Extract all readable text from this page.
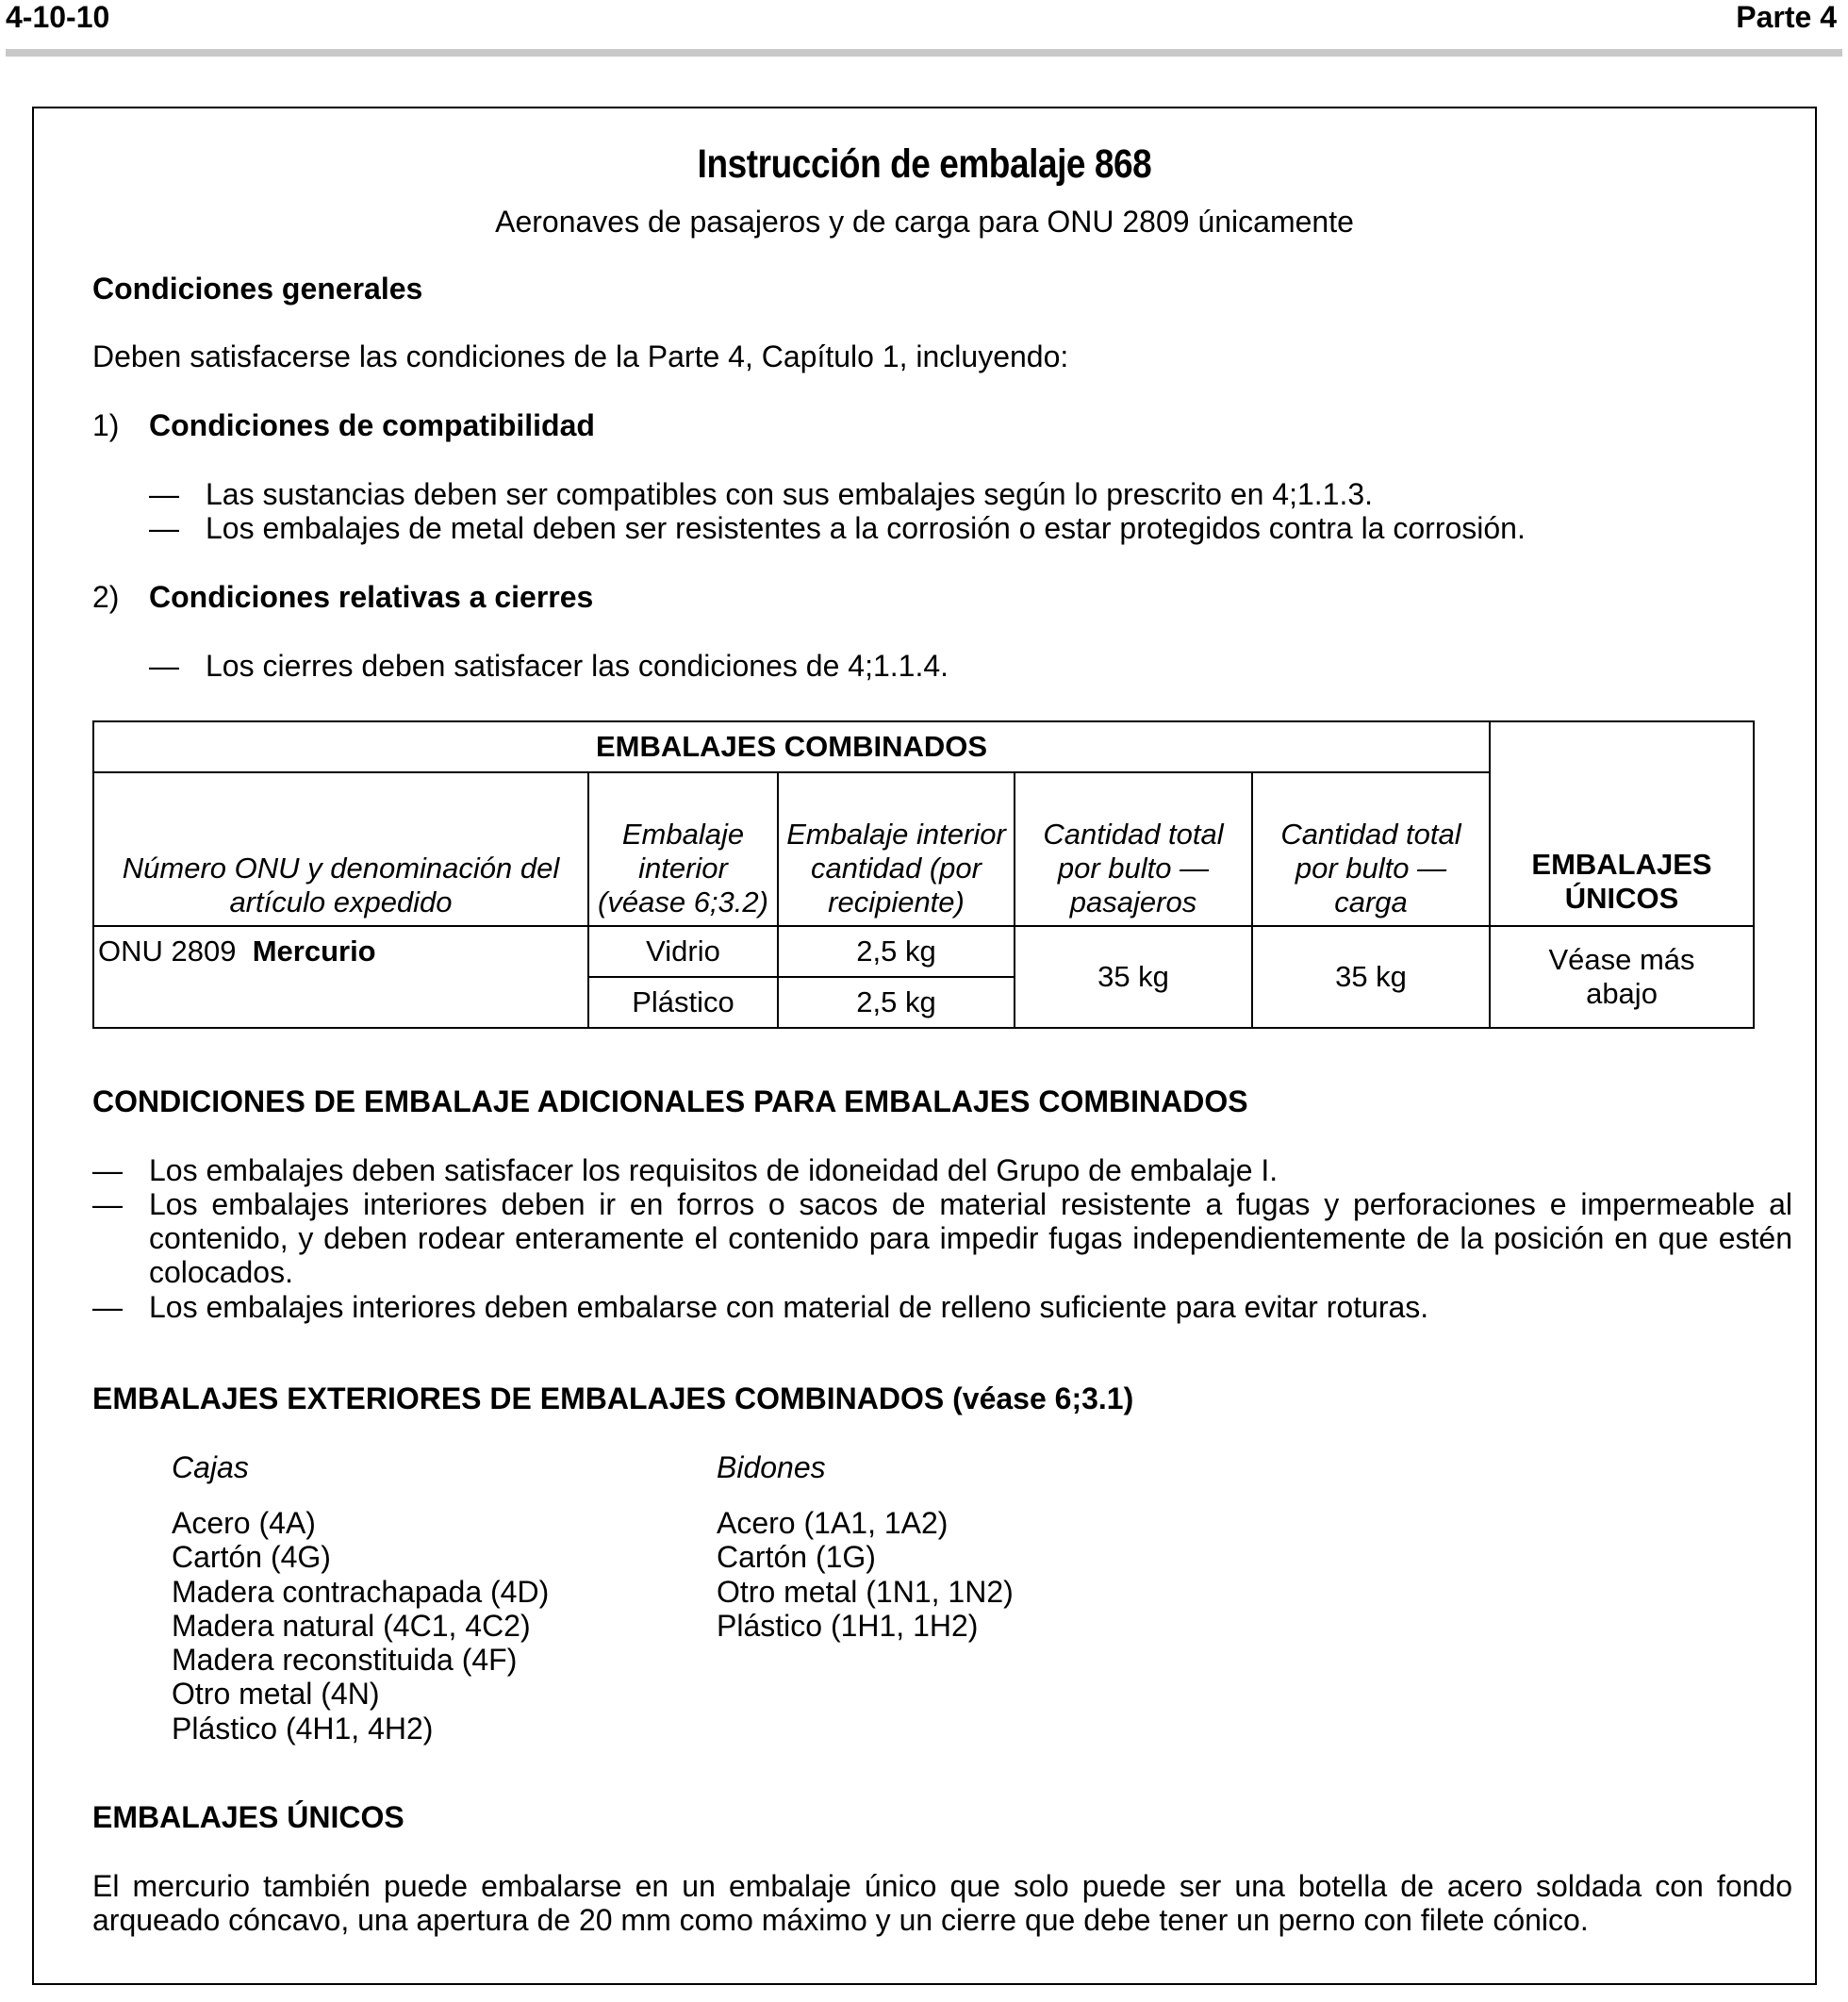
4-10-10	Parte 4
Instrucción de embalaje 868
Aeronaves de pasajeros y de carga para ONU 2809 únicamente
Condiciones generales
Deben satisfacerse las condiciones de la Parte 4, Capítulo 1, incluyendo:
1) Condiciones de compatibilidad
— Las sustancias deben ser compatibles con sus embalajes según lo prescrito en 4;1.1.3.
— Los embalajes de metal deben ser resistentes a la corrosión o estar protegidos contra la corrosión.
2) Condiciones relativas a cierres
— Los cierres deben satisfacer las condiciones de 4;1.1.4.
EMBALAJES COMBINADOS					EMBALAJES ÚNICOS
Número ONU y denominación del artículo expedido	Embalaje interior (véase 6;3.2)	Embalaje interior cantidad (por recipiente)	Cantidad total por bulto — pasajeros	Cantidad total por bulto — carga	
ONU 2809 Mercurio	Vidrio	2,5 kg	35 kg	35 kg	Véase más abajo
	Plástico	2,5 kg			
CONDICIONES DE EMBALAJE ADICIONALES PARA EMBALAJES COMBINADOS
— Los embalajes deben satisfacer los requisitos de idoneidad del Grupo de embalaje I.
— Los embalajes interiores deben ir en forros o sacos de material resistente a fugas y perforaciones e impermeable al contenido, y deben rodear enteramente el contenido para impedir fugas independientemente de la posición en que estén colocados.
— Los embalajes interiores deben embalarse con material de relleno suficiente para evitar roturas.
EMBALAJES EXTERIORES DE EMBALAJES COMBINADOS (véase 6;3.1)
Cajas	Bidones
Acero (4A)
Cartón (4G)
Madera contrachapada (4D)
Madera natural (4C1, 4C2)
Madera reconstituida (4F)
Otro metal (4N)
Plástico (4H1, 4H2)
Acero (1A1, 1A2)
Cartón (1G)
Otro metal (1N1, 1N2)
Plástico (1H1, 1H2)
EMBALAJES ÚNICOS
El mercurio también puede embalarse en un embalaje único que solo puede ser una botella de acero soldada con fondo arqueado cóncavo, una apertura de 20 mm como máximo y un cierre que debe tener un perno con filete cónico.
